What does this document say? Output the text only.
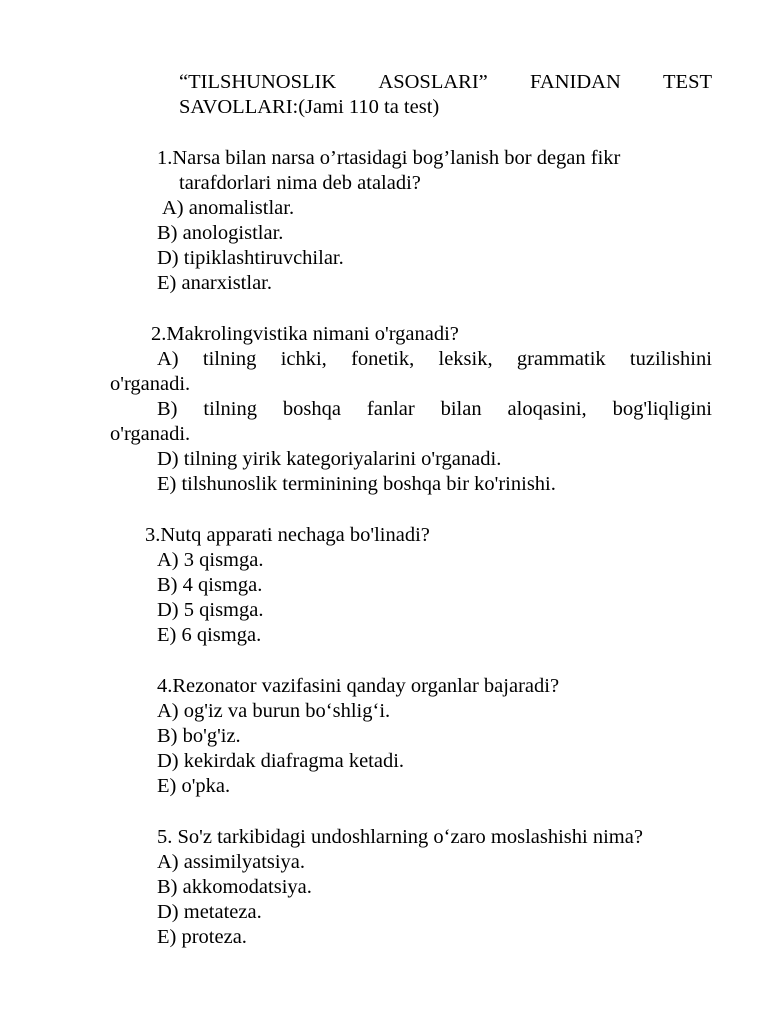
“TILSHUNOSLIK ASOSLARI” FANIDAN TEST
SAVOLLARI:(Jami 110 ta test)
1.Narsa bilan narsa o’rtasidagi bog’lanish bor degan fikr
tarafdorlari nima deb ataladi?
A) anomalistlar.
B) anologistlar.
D) tipiklashtiruvchilar.
E) anarxistlar.
2.Makrolingvistika nimani o'rganadi?
A) tilning ichki, fonetik, leksik, grammatik tuzilishini
o'rganadi.
B) tilning boshqa fanlar bilan aloqasini, bog'liqligini
o'rganadi.
D) tilning yirik kategoriyalarini o'rganadi.
E) tilshunoslik terminining boshqa bir ko'rinishi.
3.Nutq apparati nechaga bo'linadi?
A) 3 qismga.
B) 4 qismga.
D) 5 qismga.
E) 6 qismga.
4.Rezonator vazifasini qanday organlar bajaradi?
A) og'iz va burun bo‘shlig‘i.
B) bo'g'iz.
D) kekirdak diafragma ketadi.
E) o'pka.
5. So'z tarkibidagi undoshlarning o‘zaro moslashishi nima?
A) assimilyatsiya.
B) akkomodatsiya.
D) metateza.
E) proteza.
